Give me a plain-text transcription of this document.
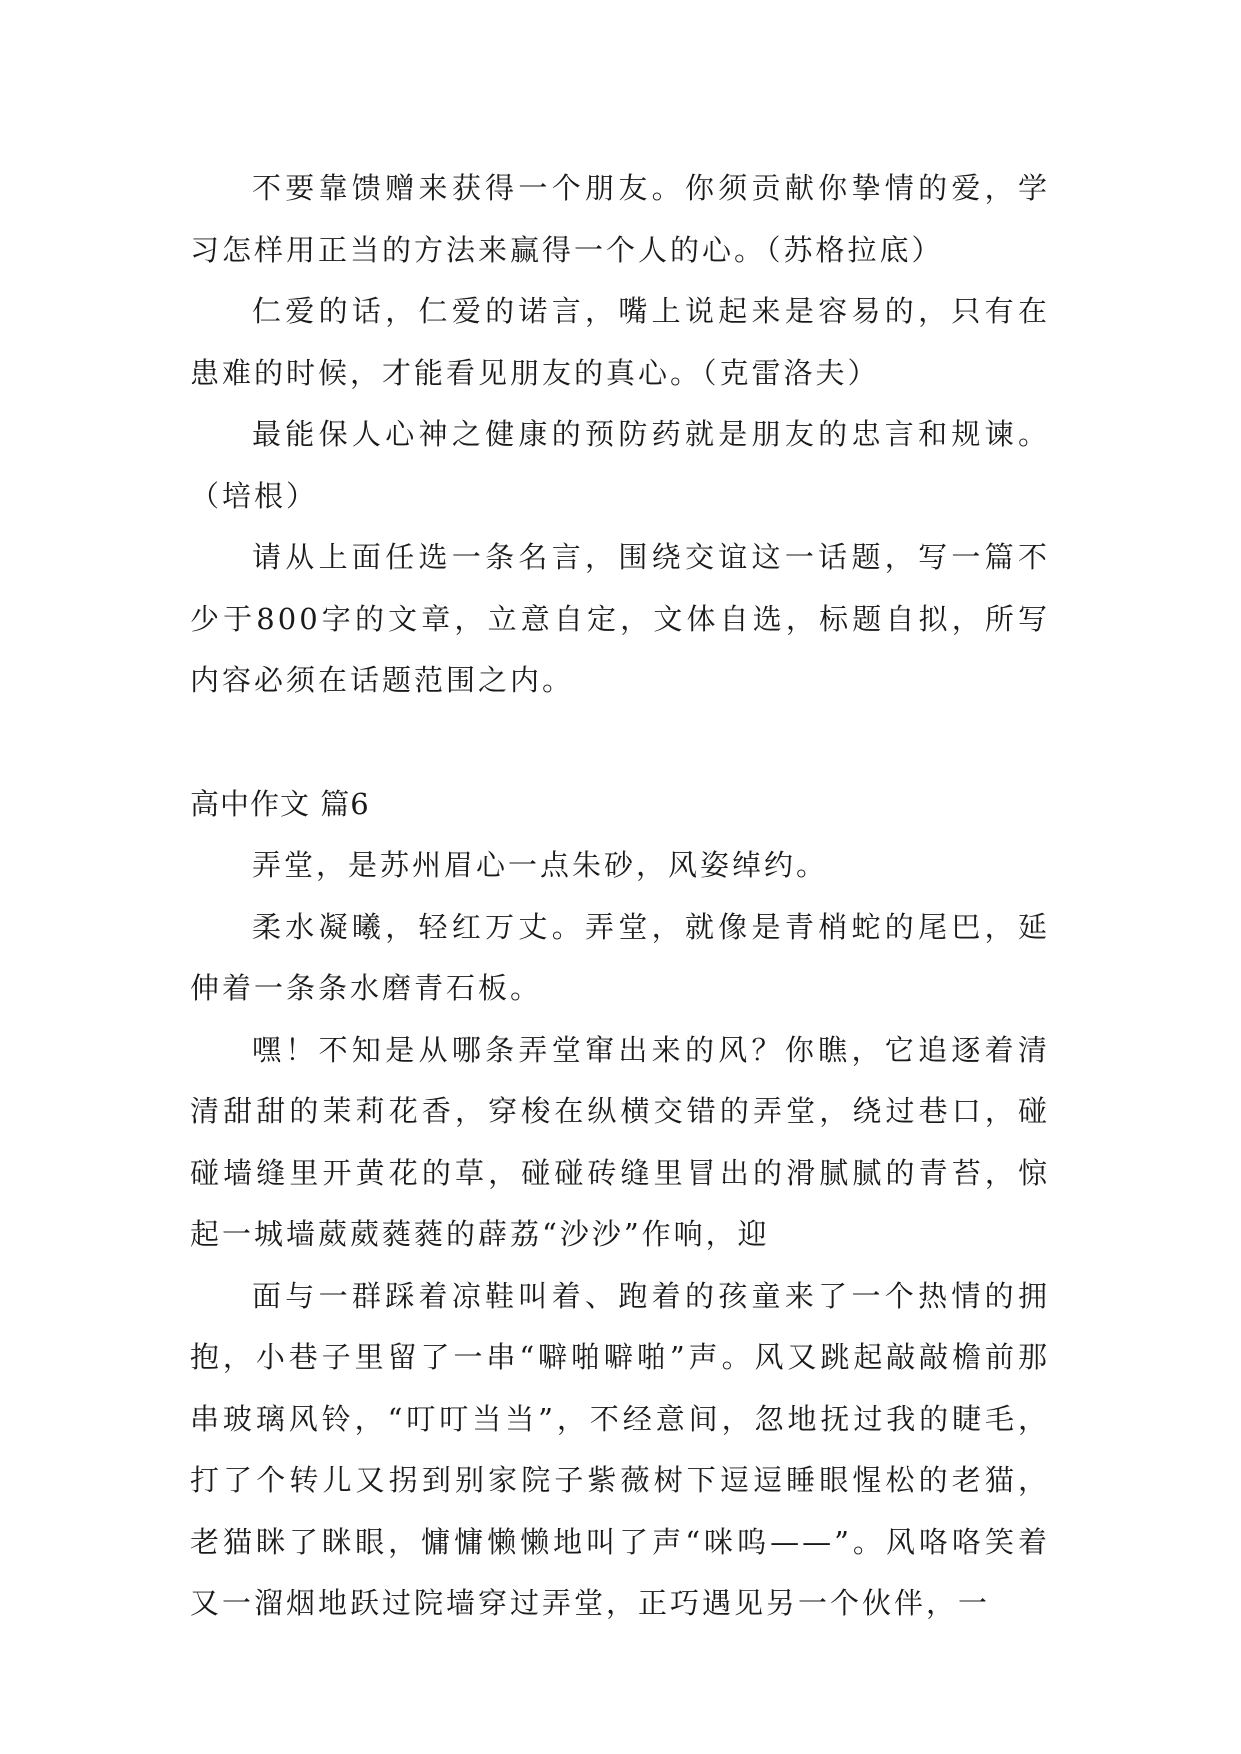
不要靠馈赠来获得一个朋友。你须贡献你挚情的爱，学习怎样用正当的方法来赢得一个人的心。（苏格拉底）

仁爱的话，仁爱的诺言，嘴上说起来是容易的，只有在患难的时候，才能看见朋友的真心。（克雷洛夫）

最能保人心神之健康的预防药就是朋友的忠言和规谏。（培根）

请从上面任选一条名言，围绕交谊这一话题，写一篇不少于800字的文章，立意自定，文体自选，标题自拟，所写内容必须在话题范围之内。

高中作文 篇6

弄堂，是苏州眉心一点朱砂，风姿绰约。

柔水凝曦，轻红万丈。弄堂，就像是青梢蛇的尾巴，延伸着一条条水磨青石板。

嘿！不知是从哪条弄堂窜出来的风？你瞧，它追逐着清清甜甜的茉莉花香，穿梭在纵横交错的弄堂，绕过巷口，碰碰墙缝里开黄花的草，碰碰砖缝里冒出的滑腻腻的青苔，惊起一城墙葳葳蕤蕤的薜荔“沙沙”作响，迎

面与一群踩着凉鞋叫着、跑着的孩童来了一个热情的拥抱，小巷子里留了一串“噼啪噼啪”声。风又跳起敲敲檐前那串玻璃风铃，“叮叮当当”，不经意间，忽地抚过我的睫毛，打了个转儿又拐到别家院子紫薇树下逗逗睡眼惺松的老猫，老猫眯了眯眼，慵慵懒懒地叫了声“咪呜——”。风咯咯笑着又一溜烟地跃过院墙穿过弄堂，正巧遇见另一个伙伴，一
